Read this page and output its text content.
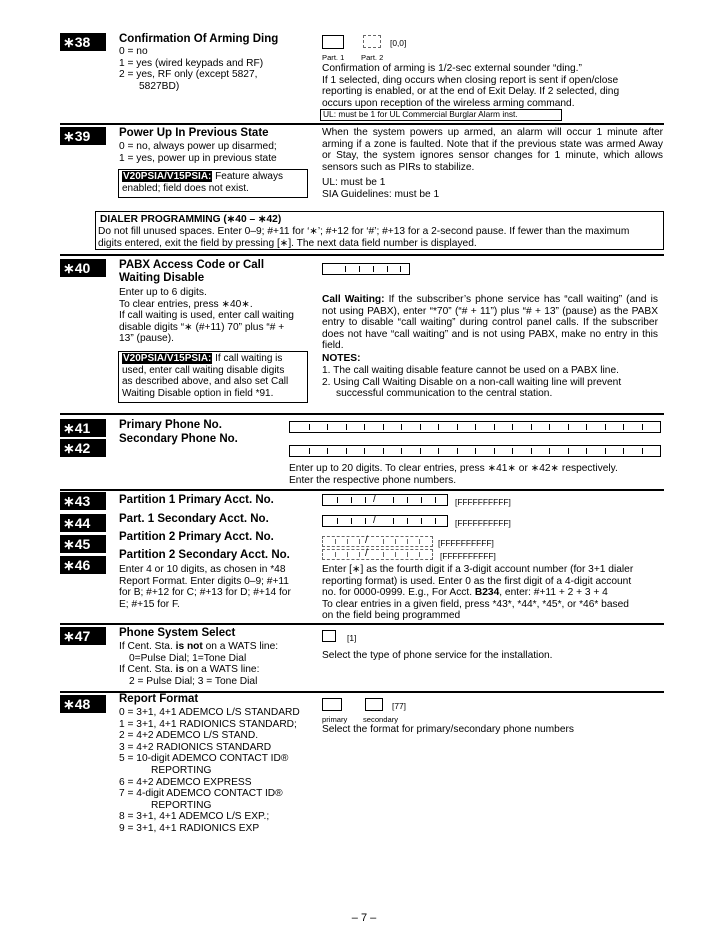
∗38	Confirmation Of Arming Ding
0 = no
1 = yes (wired keypads and RF)
2 = yes, RF only (except 5827,
5827BD)
[0,0]
Part. 1 Part. 2
Confirmation of arming is 1/2-sec external sounder “ding.”
If 1 selected, ding occurs when closing report is sent if open/close
reporting is enabled, or at the end of Exit Delay. If 2 selected, ding
occurs upon reception of the wireless arming command.
UL: must be 1 for UL Commercial Burglar Alarm inst.
∗39	Power Up In Previous State
0 = no, always power up disarmed;
1 = yes, power up in previous state
V20PSIA/V15PSIA: Feature always
enabled; field does not exist.
When the system powers up armed, an alarm will occur 1 minute after arming if a zone is faulted. Note that if the previous state was armed Away or Stay, the system ignores sensor changes for 1 minute, which allows sensors such as PIRs to stabilize.
UL: must be 1
SIA Guidelines: must be 1
DIALER PROGRAMMING (∗40 – ∗42)
Do not fill unused spaces. Enter 0–9; #+11 for ‘∗’; #+12 for ‘#’; #+13 for a 2-second pause. If fewer than the maximum
digits entered, exit the field by pressing [∗]. The next data field number is displayed.
∗40	PABX Access Code or Call
Waiting Disable
Enter up to 6 digits.
To clear entries, press ∗40∗.
If call waiting is used, enter call waiting
disable digits “∗ (#+11) 70” plus “# +
13” (pause).
V20PSIA/V15PSIA: If call waiting is
used, enter call waiting disable digits
as described above, and also set Call
Waiting Disable option in field *91.
Call Waiting: If the subscriber’s phone service has “call waiting” (and is not using PABX), enter “*70” (“# + 11”) plus “# + 13” (pause) as the PABX entry to disable “call waiting” during control panel calls. If the subscriber does not have “call waiting” and is not using PABX, make no entry in this field.
NOTES:
1. The call waiting disable feature cannot be used on a PABX line.
2. Using Call Waiting Disable on a non-call waiting line will prevent
successful communication to the central station.
∗41	Primary Phone No.
∗42
Secondary Phone No.
Enter up to 20 digits. To clear entries, press ∗41∗ or ∗42∗ respectively.
Enter the respective phone numbers.
∗43	Partition 1 Primary Acct. No.
∗44	Part. 1 Secondary Acct. No.
∗45	Partition 2 Primary Acct. No.
∗46
Partition 2 Secondary Acct. No.
/	[FFFFFFFFFF]
/	[FFFFFFFFFF]
/	[FFFFFFFFFF]
/	[FFFFFFFFFF]
Enter 4 or 10 digits, as chosen in *48
Report Format. Enter digits 0–9; #+11
for B; #+12 for C; #+13 for D; #+14 for
E; #+15 for F.
Enter [∗] as the fourth digit if a 3-digit account number (for 3+1 dialer
reporting format) is used. Enter 0 as the first digit of a 4-digit account
no. for 0000-0999. E.g., For Acct. B234, enter: #+11 + 2 + 3 + 4
To clear entries in a given field, press *43*, *44*, *45*, or *46* based
on the field being programmed
∗47	Phone System Select
If Cent. Sta. is not on a WATS line:
0=Pulse Dial; 1=Tone Dial
If Cent. Sta. is on a WATS line:
2 = Pulse Dial; 3 = Tone Dial
[1]
Select the type of phone service for the installation.
∗48	Report Format
0 = 3+1, 4+1 ADEMCO L/S STANDARD
1 = 3+1, 4+1 RADIONICS STANDARD;
2 = 4+2 ADEMCO L/S STAND.
3 = 4+2 RADIONICS STANDARD
5 = 10-digit ADEMCO CONTACT ID®
REPORTING
6 = 4+2 ADEMCO EXPRESS
7 = 4-digit ADEMCO CONTACT ID®
REPORTING
8 = 3+1, 4+1 ADEMCO L/S EXP.;
9 = 3+1, 4+1 RADIONICS EXP
[77]
primary secondary
Select the format for primary/secondary phone numbers
– 7 –
